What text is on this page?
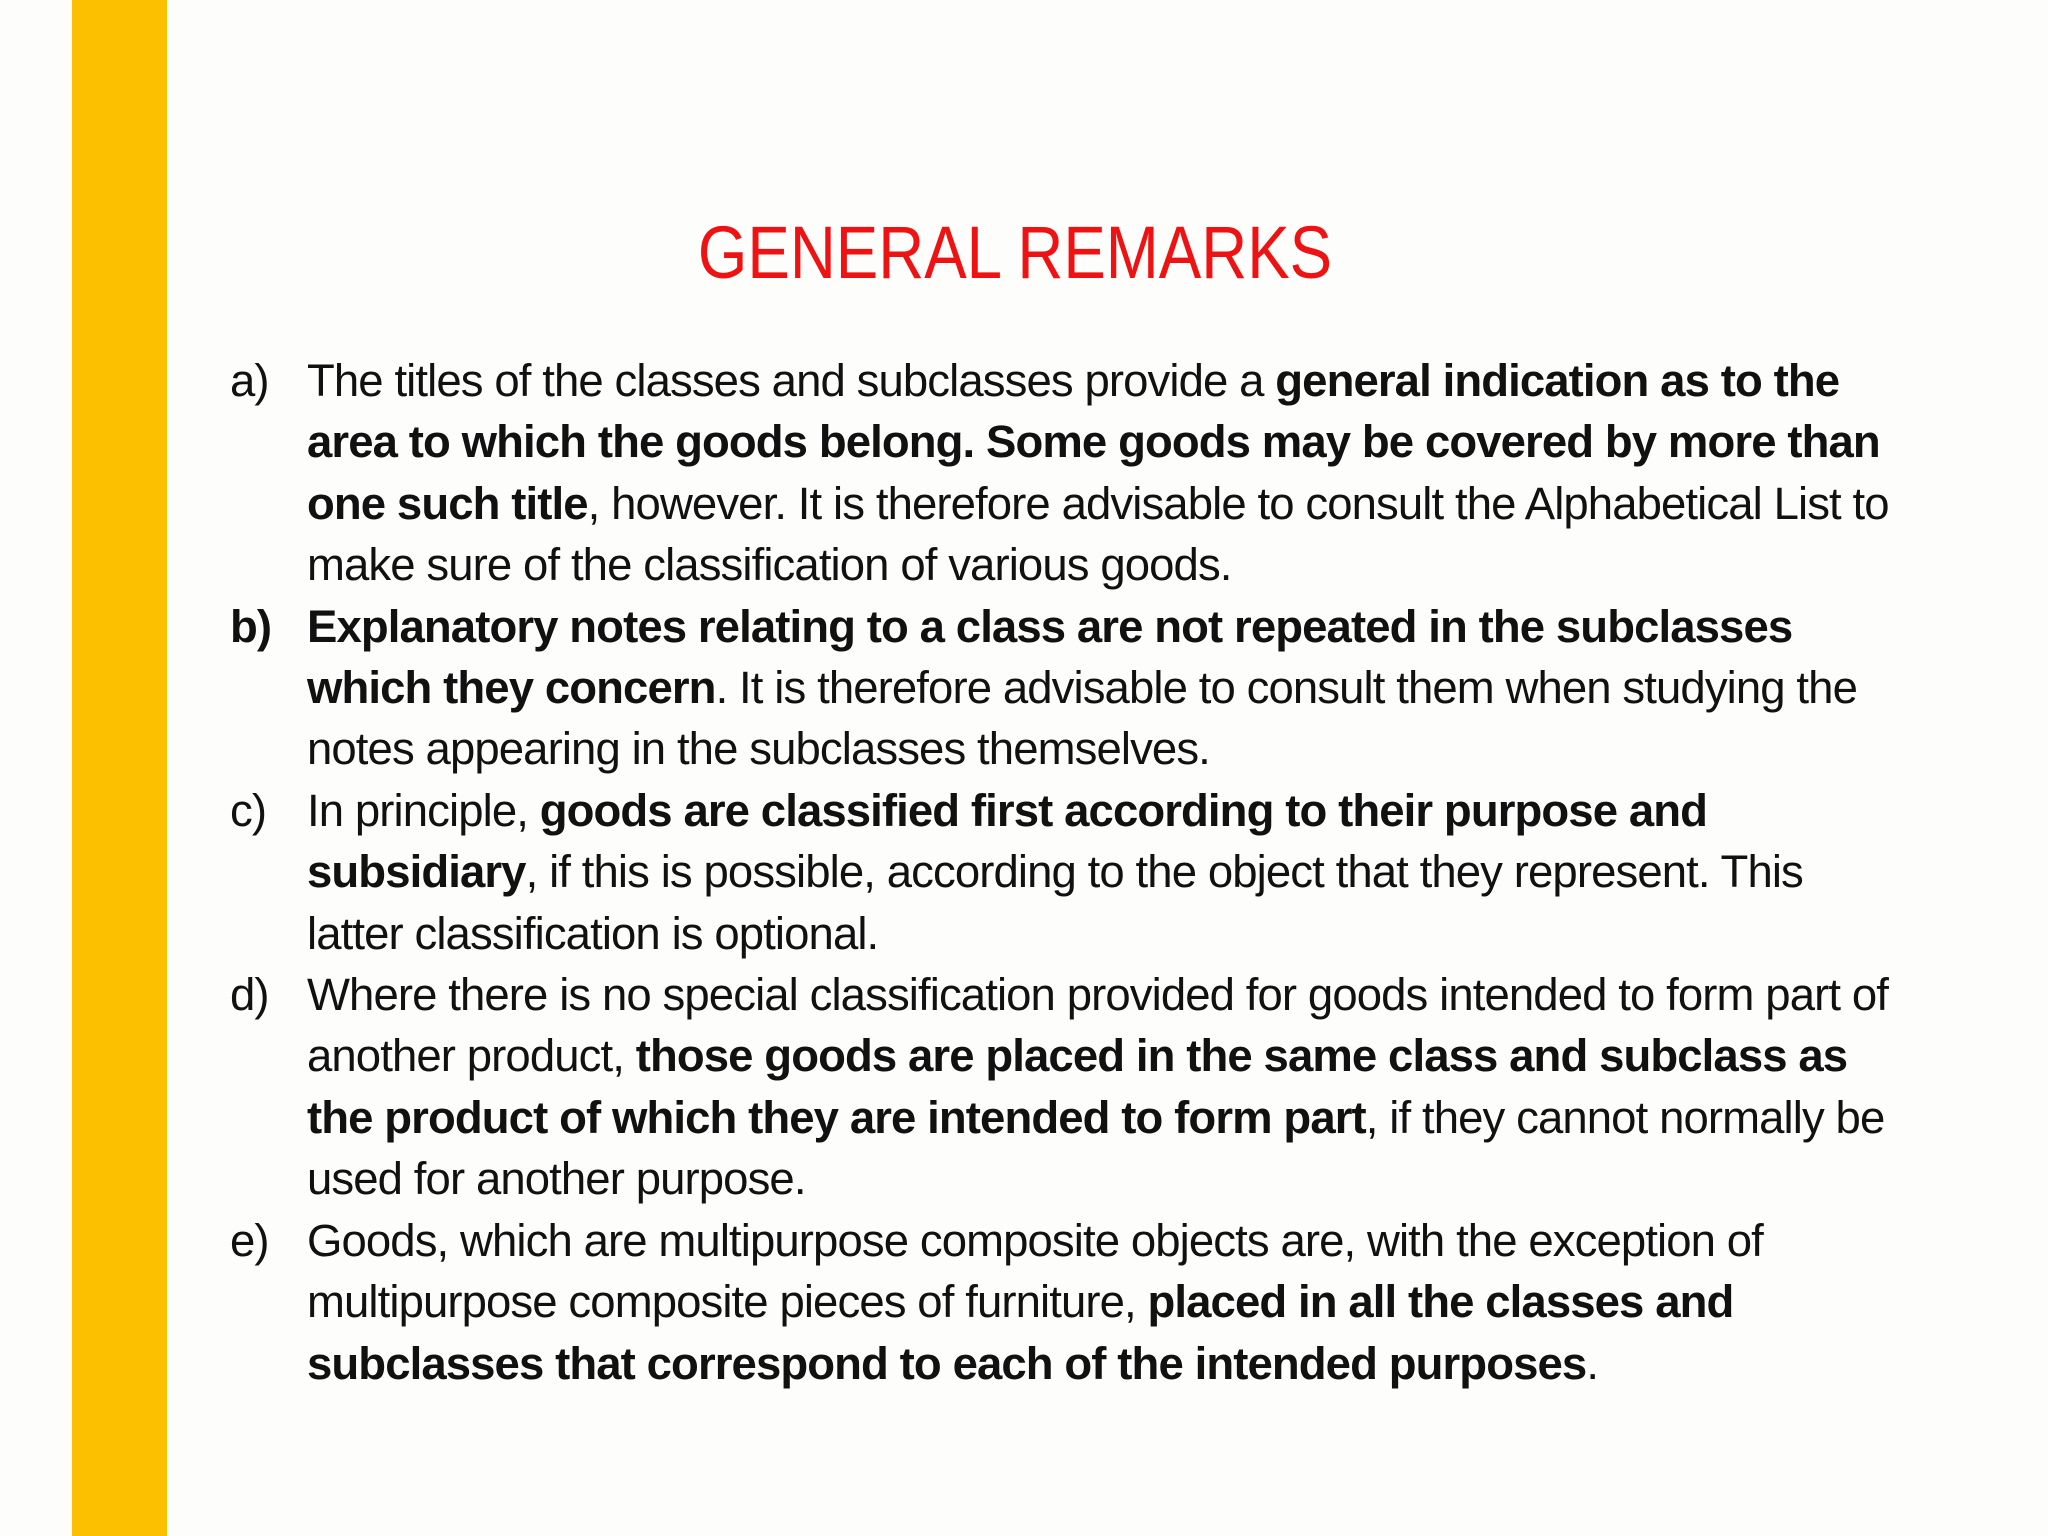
GENERAL REMARKS
a) The titles of the classes and subclasses provide a general indication as to the area to which the goods belong. Some goods may be covered by more than one such title, however. It is therefore advisable to consult the Alphabetical List to make sure of the classification of various goods.
b) Explanatory notes relating to a class are not repeated in the subclasses which they concern. It is therefore advisable to consult them when studying the notes appearing in the subclasses themselves.
c) In principle, goods are classified first according to their purpose and subsidiary, if this is possible, according to the object that they represent. This latter classification is optional.
d) Where there is no special classification provided for goods intended to form part of another product, those goods are placed in the same class and subclass as the product of which they are intended to form part, if they cannot normally be used for another purpose.
e) Goods, which are multipurpose composite objects are, with the exception of multipurpose composite pieces of furniture, placed in all the classes and subclasses that correspond to each of the intended purposes.
